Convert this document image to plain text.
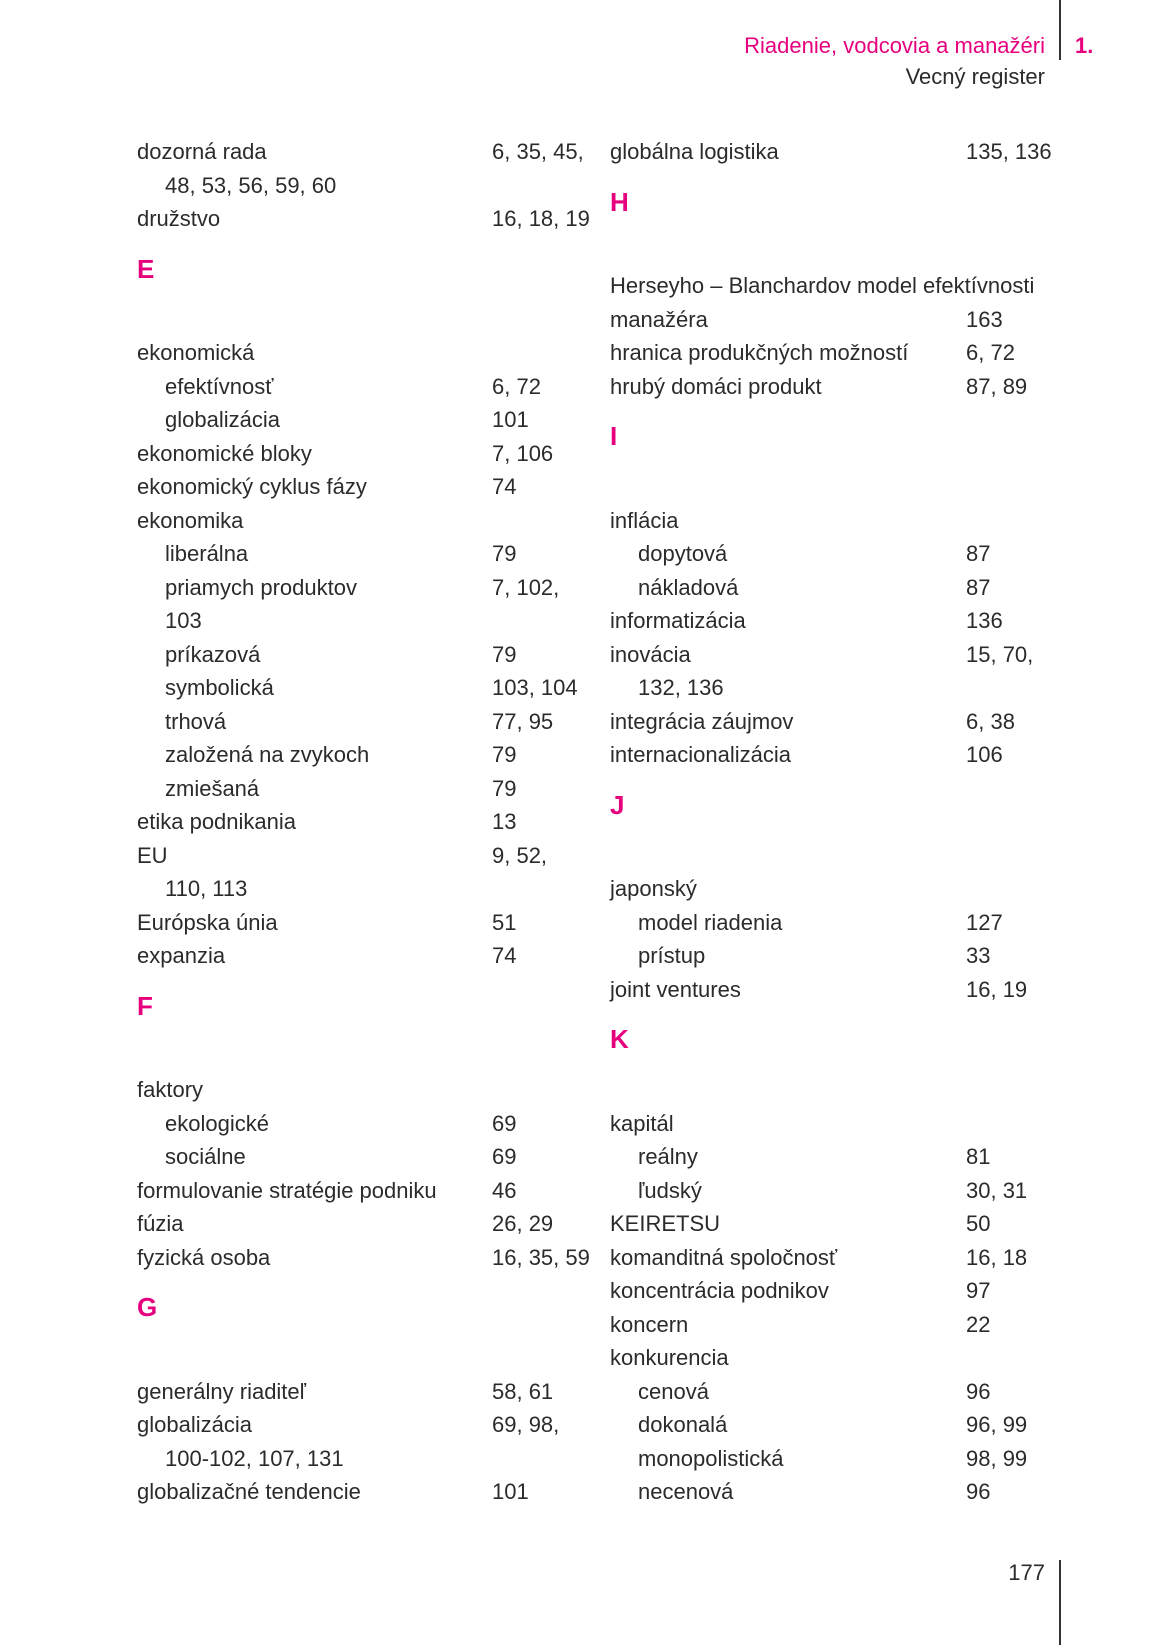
Riadenie, vodcovia a manažéri
Vecný register
1.
dozorná rada	6, 35, 45,
48, 53, 56, 59, 60
družstvo	16, 18, 19
E
ekonomická
efektívnosť	6, 72
globalizácia	101
ekonomické bloky	7, 106
ekonomický cyklus fázy	74
ekonomika
liberálna	79
priamych produktov	7, 102,
103
príkazová	79
symbolická	103, 104
trhová	77, 95
založená na zvykoch	79
zmiešaná	79
etika podnikania	13
EU	9, 52,
110, 113
Európska únia	51
expanzia	74
F
faktory
ekologické	69
sociálne	69
formulovanie stratégie podniku	46
fúzia	26, 29
fyzická osoba	16, 35, 59
G
generálny riaditeľ	58, 61
globalizácia	69, 98,
100-102, 107, 131
globalizačné tendencie	101
globálna logistika	135, 136
H
Herseyho – Blanchardov model efektívnosti
manažéra	163
hranica produkčných možností	6, 72
hrubý domáci produkt	87, 89
I
inflácia
dopytová	87
nákladová	87
informatizácia	136
inovácia	15, 70,
132, 136
integrácia záujmov	6, 38
internacionalizácia	106
J
japonský
model riadenia	127
prístup	33
joint ventures	16, 19
K
kapitál
reálny	81
ľudský	30, 31
KEIRETSU	50
komanditná spoločnosť	16, 18
koncentrácia podnikov	97
koncern	22
konkurencia
cenová	96
dokonalá	96, 99
monopolistická	98, 99
necenová	96
177
